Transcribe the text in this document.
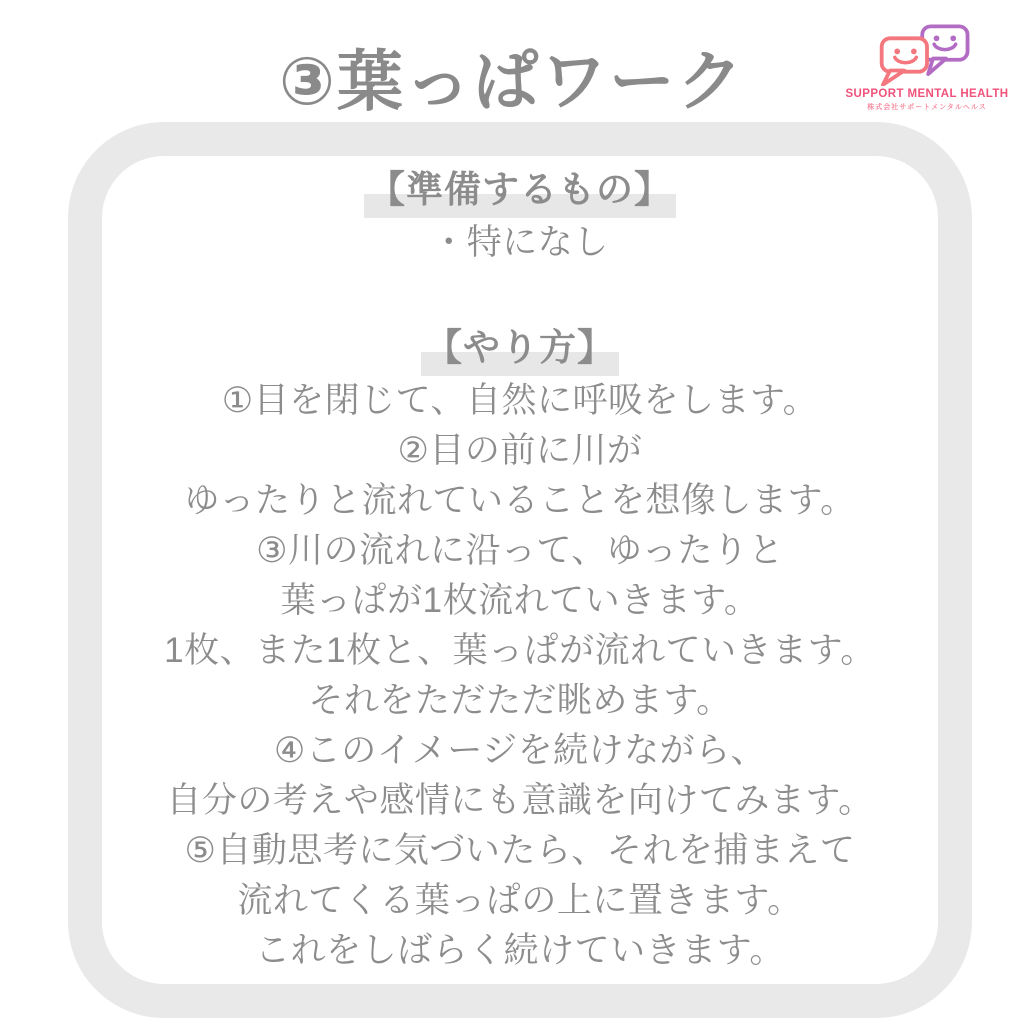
③葉っぱワーク	SUPPORT MENTAL HEALTH
株式会社サポートメンタルヘルス
【準備するもの】
・特になし
【やり方】
①目を閉じて、自然に呼吸をします。
②目の前に川が
ゆったりと流れていることを想像します。
③川の流れに沿って、ゆったりと
葉っぱが1枚流れていきます。
1枚、また1枚と、葉っぱが流れていきます。
それをただただ眺めます。
④このイメージを続けながら、
自分の考えや感情にも意識を向けてみます。
⑤自動思考に気づいたら、それを捕まえて
流れてくる葉っぱの上に置きます。
これをしばらく続けていきます。
